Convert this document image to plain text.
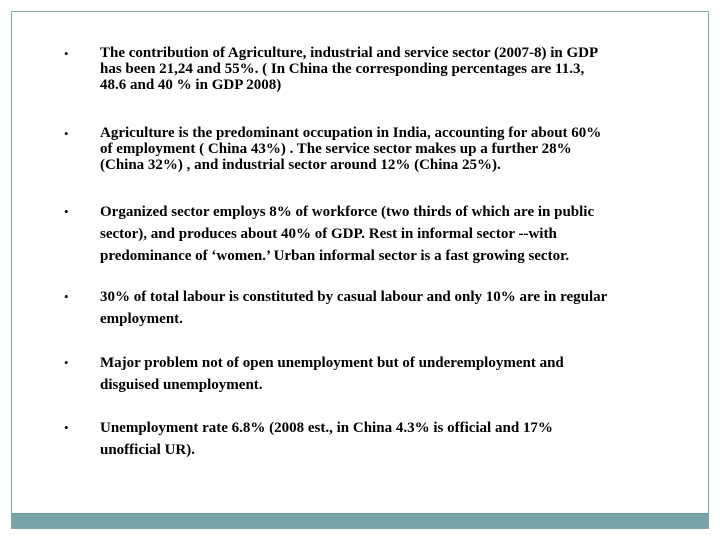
• The contribution of Agriculture, industrial and service sector (2007-8) in GDP
has been 21,24 and 55%. ( In China the corresponding percentages are 11.3,
48.6 and 40 % in GDP 2008)
• Agriculture is the predominant occupation in India, accounting for about 60%
of employment ( China 43%) . The service sector makes up a further 28%
(China 32%) , and industrial sector around 12% (China 25%).
• Organized sector employs 8% of workforce (two thirds of which are in public
sector), and produces about 40% of GDP. Rest in informal sector --with
predominance of ‘women.’ Urban informal sector is a fast growing sector.
• 30% of total labour is constituted by casual labour and only 10% are in regular
employment.
• Major problem not of open unemployment but of underemployment and
disguised unemployment.
• Unemployment rate 6.8% (2008 est., in China 4.3% is official and 17%
unofficial UR).
